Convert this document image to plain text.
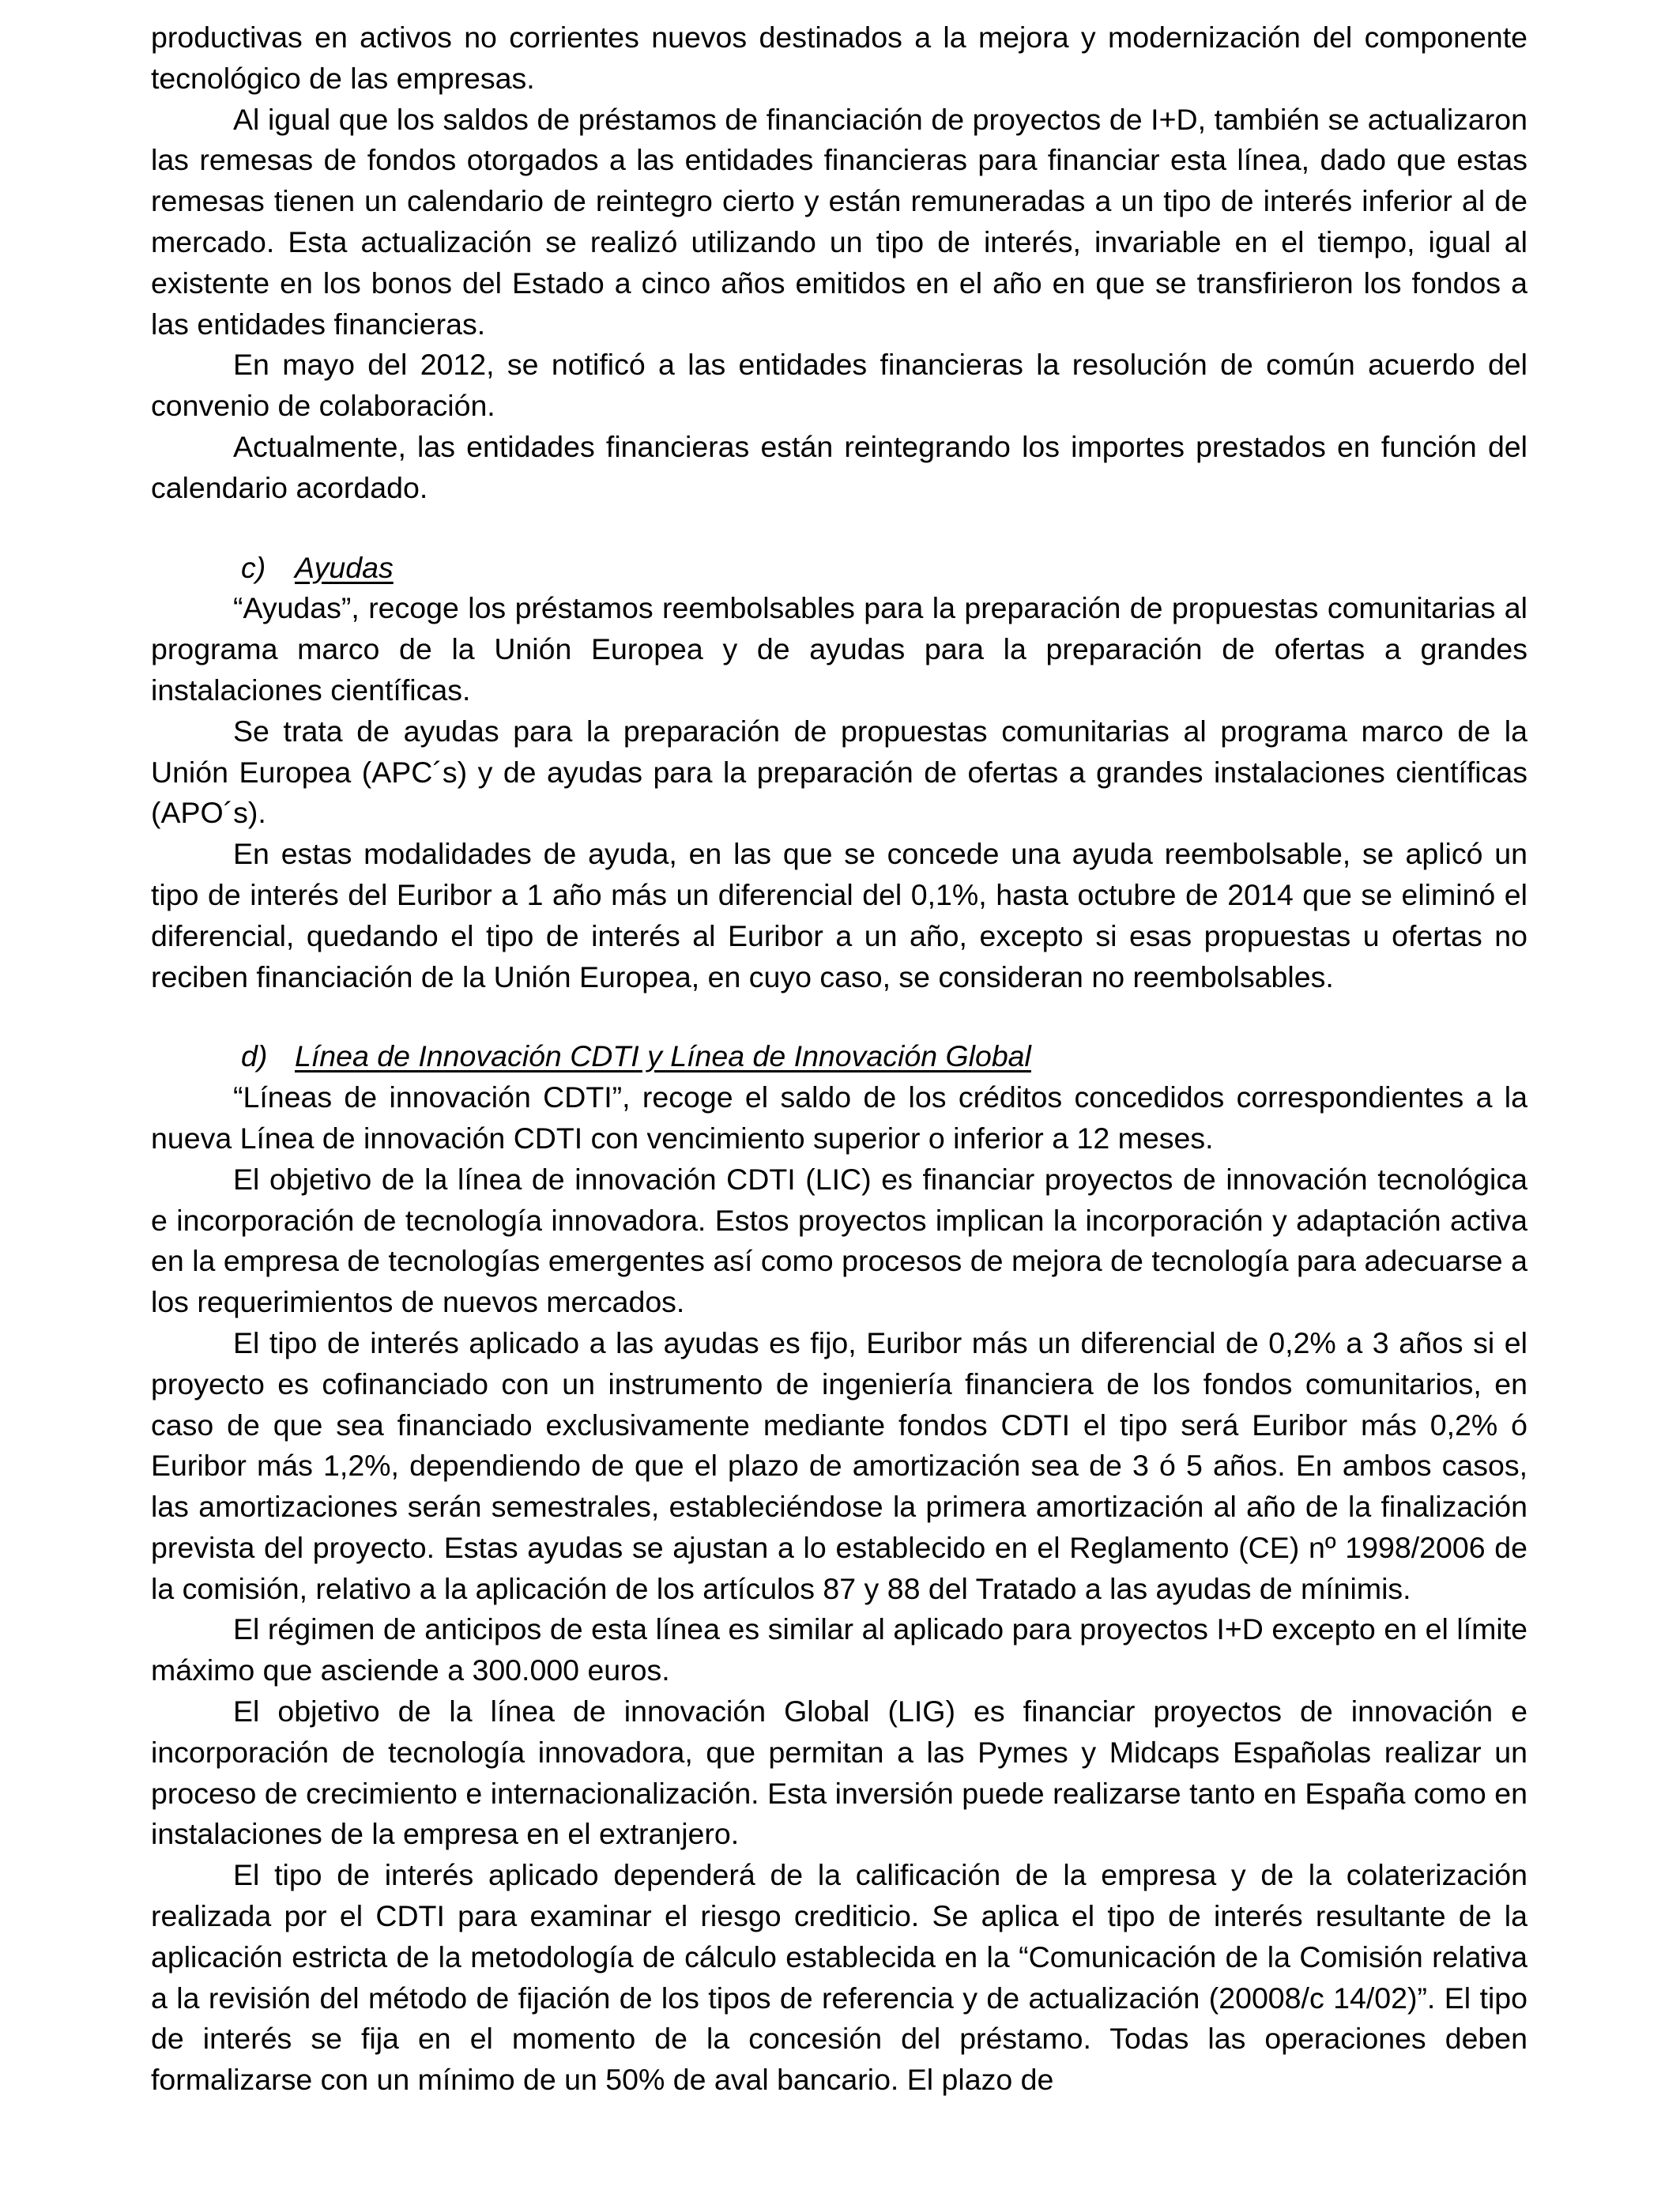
productivas en activos no corrientes nuevos destinados a la mejora y modernización del componente tecnológico de las empresas.

Al igual que los saldos de préstamos de financiación de proyectos de I+D, también se actualizaron las remesas de fondos otorgados a las entidades financieras para financiar esta línea, dado que estas remesas tienen un calendario de reintegro cierto y están remuneradas a un tipo de interés inferior al de mercado. Esta actualización se realizó utilizando un tipo de interés, invariable en el tiempo, igual al existente en los bonos del Estado a cinco años emitidos en el año en que se transfirieron los fondos a las entidades financieras.

En mayo del 2012, se notificó a las entidades financieras la resolución de común acuerdo del convenio de colaboración.

Actualmente, las entidades financieras están reintegrando los importes prestados en función del calendario acordado.

c) Ayudas

“Ayudas”, recoge los préstamos reembolsables para la preparación de propuestas comunitarias al programa marco de la Unión Europea y de ayudas para la preparación de ofertas a grandes instalaciones científicas.

Se trata de ayudas para la preparación de propuestas comunitarias al programa marco de la Unión Europea (APC´s) y de ayudas para la preparación de ofertas a grandes instalaciones científicas (APO´s).

En estas modalidades de ayuda, en las que se concede una ayuda reembolsable, se aplicó un tipo de interés del Euribor a 1 año más un diferencial del 0,1%, hasta octubre de 2014 que se eliminó el diferencial, quedando el tipo de interés al Euribor a un año, excepto si esas propuestas u ofertas no reciben financiación de la Unión Europea, en cuyo caso, se consideran no reembolsables.

d) Línea de Innovación CDTI y Línea de Innovación Global

“Líneas de innovación CDTI”, recoge el saldo de los créditos concedidos correspondientes a la nueva Línea de innovación CDTI con vencimiento superior o inferior a 12 meses.

El objetivo de la línea de innovación CDTI (LIC) es financiar proyectos de innovación tecnológica e incorporación de tecnología innovadora. Estos proyectos implican la incorporación y adaptación activa en la empresa de tecnologías emergentes así como procesos de mejora de tecnología para adecuarse a los requerimientos de nuevos mercados.

El tipo de interés aplicado a las ayudas es fijo, Euribor más un diferencial de 0,2% a 3 años si el proyecto es cofinanciado con un instrumento de ingeniería financiera de los fondos comunitarios, en caso de que sea financiado exclusivamente mediante fondos CDTI el tipo será Euribor más 0,2% ó Euribor más 1,2%, dependiendo de que el plazo de amortización sea de 3 ó 5 años. En ambos casos, las amortizaciones serán semestrales, estableciéndose la primera amortización al año de la finalización prevista del proyecto. Estas ayudas se ajustan a lo establecido en el Reglamento (CE) nº 1998/2006 de la comisión, relativo a la aplicación de los artículos 87 y 88 del Tratado a las ayudas de mínimis.

El régimen de anticipos de esta línea es similar al aplicado para proyectos I+D excepto en el límite máximo que asciende a 300.000 euros.

El objetivo de la línea de innovación Global (LIG) es financiar proyectos de innovación e incorporación de tecnología innovadora, que permitan a las Pymes y Midcaps Españolas realizar un proceso de crecimiento e internacionalización. Esta inversión puede realizarse tanto en España como en instalaciones de la empresa en el extranjero.

El tipo de interés aplicado dependerá de la calificación de la empresa y de la colaterización realizada por el CDTI para examinar el riesgo crediticio. Se aplica el tipo de interés resultante de la aplicación estricta de la metodología de cálculo establecida en la “Comunicación de la Comisión relativa a la revisión del método de fijación de los tipos de referencia y de actualización (20008/c 14/02)”. El tipo de interés se fija en el momento de la concesión del préstamo. Todas las operaciones deben formalizarse con un mínimo de un 50% de aval bancario. El plazo de
